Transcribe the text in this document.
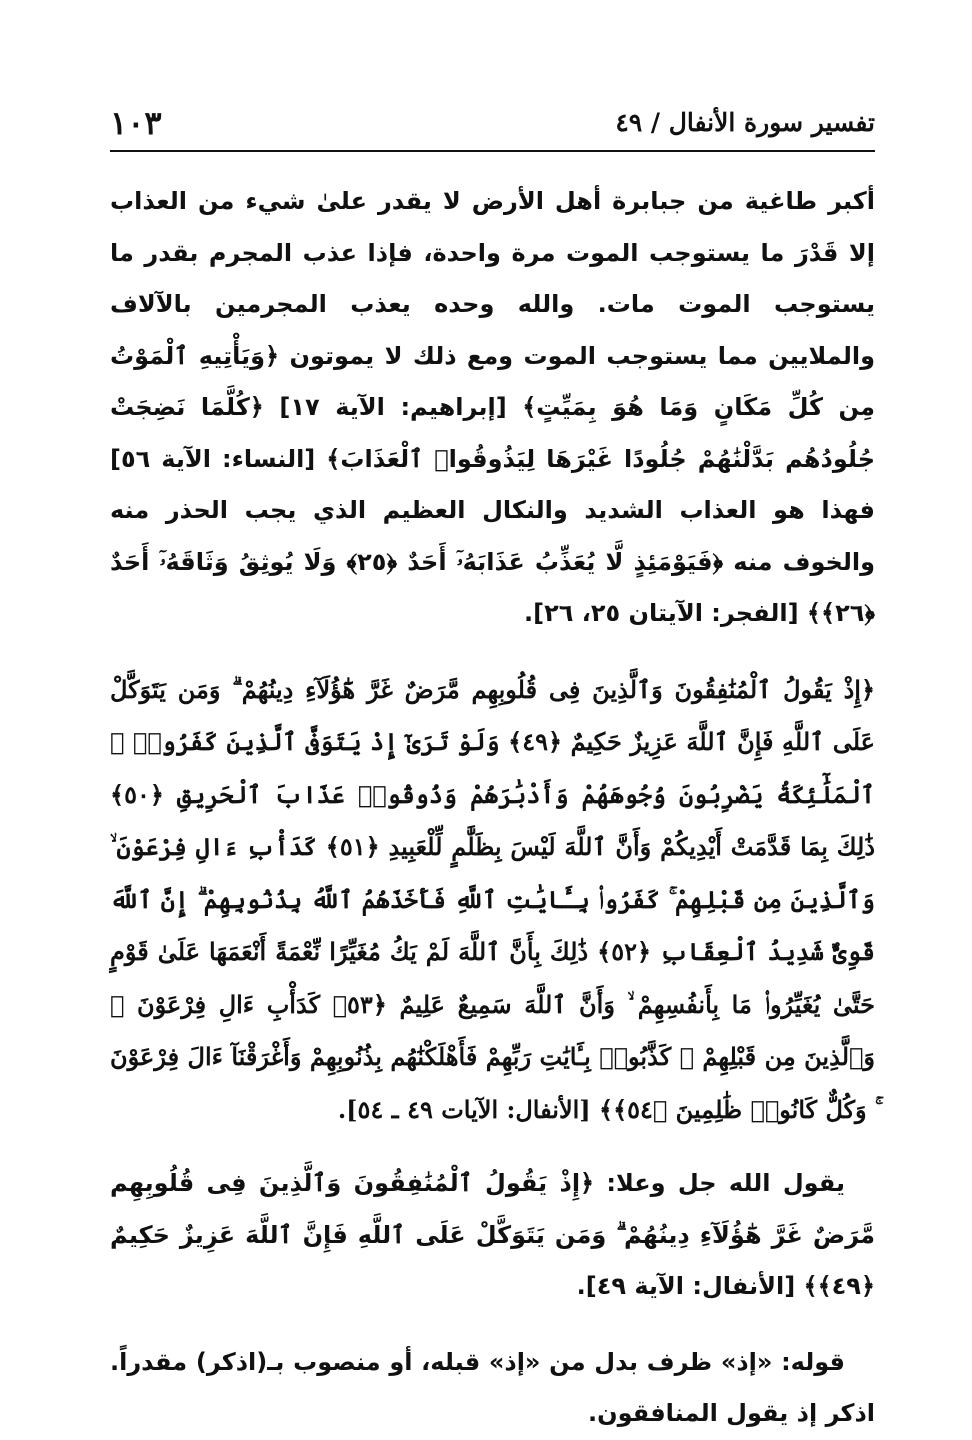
تفسير سورة الأنفال / ٤٩
١٠٣

أكبر طاغية من جبابرة أهل الأرض لا يقدر علىٰ شيء من العذاب إلا قَدْرَ ما يستوجب الموت مرة واحدة، فإذا عذب المجرم بقدر ما يستوجب الموت مات. والله وحده يعذب المجرمين بالآلاف والملايين مما يستوجب الموت ومع ذلك لا يموتون ﴿وَيَأْتِيهِ ٱلْمَوْتُ مِن كُلِّ مَكَانٍ وَمَا هُوَ بِمَيِّتٍ﴾ [إبراهيم: الآية ١٧] ﴿كُلَّمَا نَضِجَتْ جُلُودُهُم بَدَّلْنَٰهُمْ جُلُودًا غَيْرَهَا لِيَذُوقُوا۟ ٱلْعَذَابَ﴾ [النساء: الآية ٥٦] فهذا هو العذاب الشديد والنكال العظيم الذي يجب الحذر منه والخوف منه ﴿فَيَوْمَئِذٍ لَّا يُعَذِّبُ عَذَابَهُۥٓ أَحَدٌ ﴿٢٥﴾ وَلَا يُوثِقُ وَثَاقَهُۥٓ أَحَدٌ ﴿٢٦﴾﴾ [الفجر: الآيتان ٢٥، ٢٦].

﴿إِذْ يَقُولُ ٱلْمُنَٰفِقُونَ وَٱلَّذِينَ فِى قُلُوبِهِم مَّرَضٌ غَرَّ هَٰٓؤُلَآءِ دِينُهُمْ ۗ وَمَن يَتَوَكَّلْ عَلَى ٱللَّهِ فَإِنَّ ٱللَّهَ عَزِيزٌ حَكِيمٌ ﴿٤٩﴾ وَلَوْ تَرَىٰٓ إِذْ يَتَوَفَّى ٱلَّذِينَ كَفَرُوا۟ ۙ ٱلْمَلَٰٓئِكَةُ يَضْرِبُونَ وُجُوهَهُمْ وَأَدْبَٰرَهُمْ وَذُوقُوا۟ عَذَابَ ٱلْحَرِيقِ ﴿٥٠﴾ ذَٰلِكَ بِمَا قَدَّمَتْ أَيْدِيكُمْ وَأَنَّ ٱللَّهَ لَيْسَ بِظَلَّٰمٍ لِّلْعَبِيدِ ﴿٥١﴾ كَدَأْبِ ءَالِ فِرْعَوْنَ ۙ وَٱلَّذِينَ مِن قَبْلِهِمْ ۚ كَفَرُوا۟ بِـَٔايَٰتِ ٱللَّهِ فَأَخَذَهُمُ ٱللَّهُ بِذُنُوبِهِمْ ۗ إِنَّ ٱللَّهَ قَوِىٌّ شَدِيدُ ٱلْعِقَابِ ﴿٥٢﴾ ذَٰلِكَ بِأَنَّ ٱللَّهَ لَمْ يَكُ مُغَيِّرًا نِّعْمَةً أَنْعَمَهَا عَلَىٰ قَوْمٍ حَتَّىٰ يُغَيِّرُوا۟ مَا بِأَنفُسِهِمْ ۙ وَأَنَّ ٱللَّهَ سَمِيعٌ عَلِيمٌ ﴿٥٣﴾ كَدَأْبِ ءَالِ فِرْعَوْنَ ۙ وَٱلَّذِينَ مِن قَبْلِهِمْ ۚ كَذَّبُوا۟ بِـَٔايَٰتِ رَبِّهِمْ فَأَهْلَكْنَٰهُم بِذُنُوبِهِمْ وَأَغْرَقْنَآ ءَالَ فِرْعَوْنَ ۚ وَكُلٌّ كَانُوا۟ ظَٰلِمِينَ ﴿٥٤﴾﴾ [الأنفال: الآيات ٤٩ ـ ٥٤].

يقول الله جل وعلا: ﴿إِذْ يَقُولُ ٱلْمُنَٰفِقُونَ وَٱلَّذِينَ فِى قُلُوبِهِم مَّرَضٌ غَرَّ هَٰٓؤُلَآءِ دِينُهُمْ ۗ وَمَن يَتَوَكَّلْ عَلَى ٱللَّهِ فَإِنَّ ٱللَّهَ عَزِيزٌ حَكِيمٌ ﴿٤٩﴾﴾ [الأنفال: الآية ٤٩].

قوله: «إذ» ظرف بدل من «إذ» قبله، أو منصوب بـ(اذكر) مقدراً. اذكر إذ يقول المنافقون.
